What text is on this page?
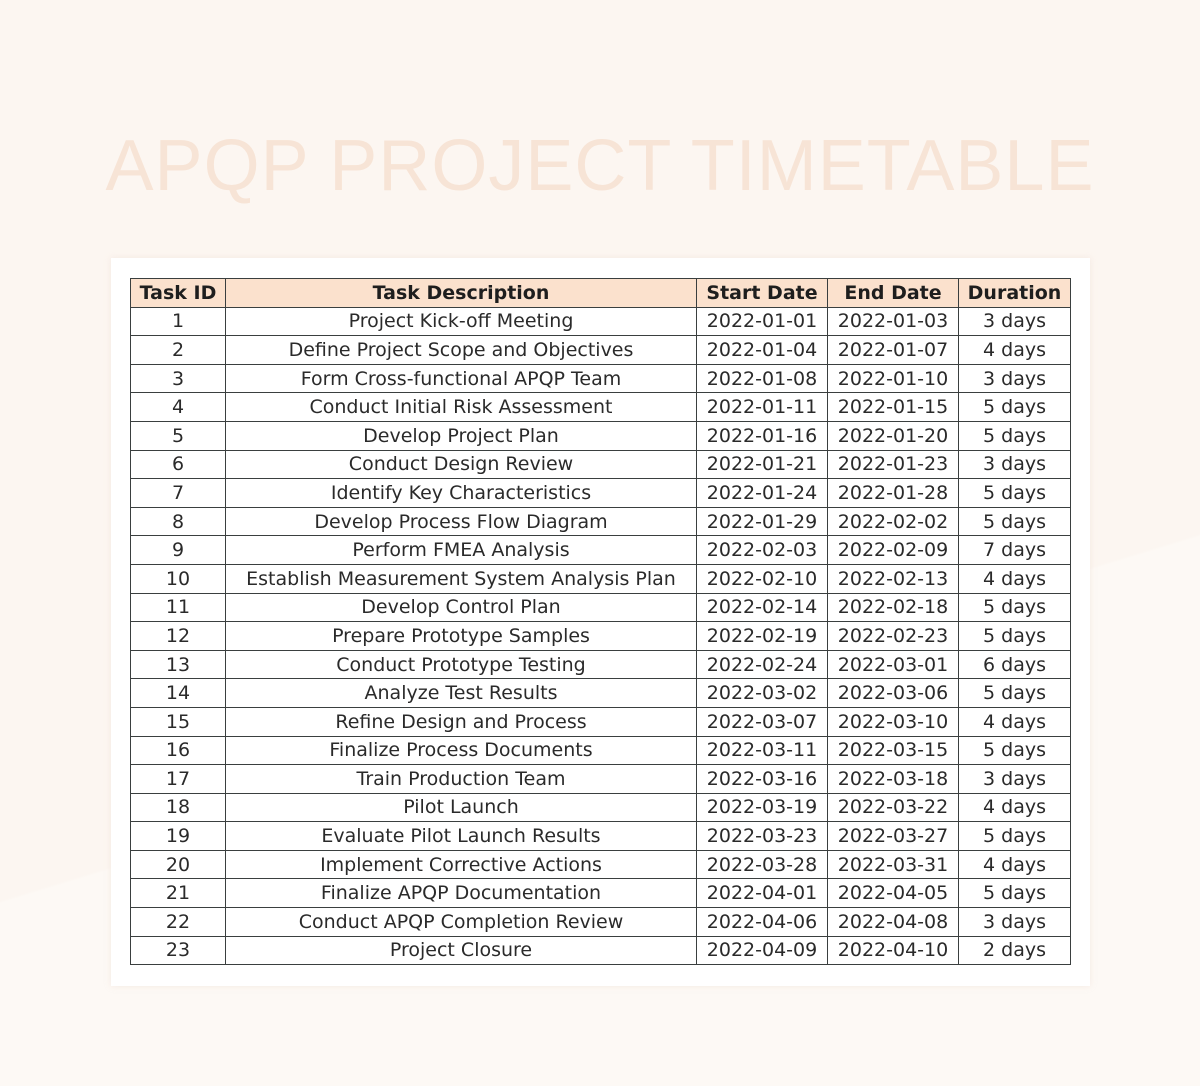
APQP PROJECT TIMETABLE
Task ID	Task Description	Start Date	End Date	Duration
1	Project Kick-off Meeting	2022-01-01	2022-01-03	3 days
2	Define Project Scope and Objectives	2022-01-04	2022-01-07	4 days
3	Form Cross-functional APQP Team	2022-01-08	2022-01-10	3 days
4	Conduct Initial Risk Assessment	2022-01-11	2022-01-15	5 days
5	Develop Project Plan	2022-01-16	2022-01-20	5 days
6	Conduct Design Review	2022-01-21	2022-01-23	3 days
7	Identify Key Characteristics	2022-01-24	2022-01-28	5 days
8	Develop Process Flow Diagram	2022-01-29	2022-02-02	5 days
9	Perform FMEA Analysis	2022-02-03	2022-02-09	7 days
10	Establish Measurement System Analysis Plan	2022-02-10	2022-02-13	4 days
11	Develop Control Plan	2022-02-14	2022-02-18	5 days
12	Prepare Prototype Samples	2022-02-19	2022-02-23	5 days
13	Conduct Prototype Testing	2022-02-24	2022-03-01	6 days
14	Analyze Test Results	2022-03-02	2022-03-06	5 days
15	Refine Design and Process	2022-03-07	2022-03-10	4 days
16	Finalize Process Documents	2022-03-11	2022-03-15	5 days
17	Train Production Team	2022-03-16	2022-03-18	3 days
18	Pilot Launch	2022-03-19	2022-03-22	4 days
19	Evaluate Pilot Launch Results	2022-03-23	2022-03-27	5 days
20	Implement Corrective Actions	2022-03-28	2022-03-31	4 days
21	Finalize APQP Documentation	2022-04-01	2022-04-05	5 days
22	Conduct APQP Completion Review	2022-04-06	2022-04-08	3 days
23	Project Closure	2022-04-09	2022-04-10	2 days
